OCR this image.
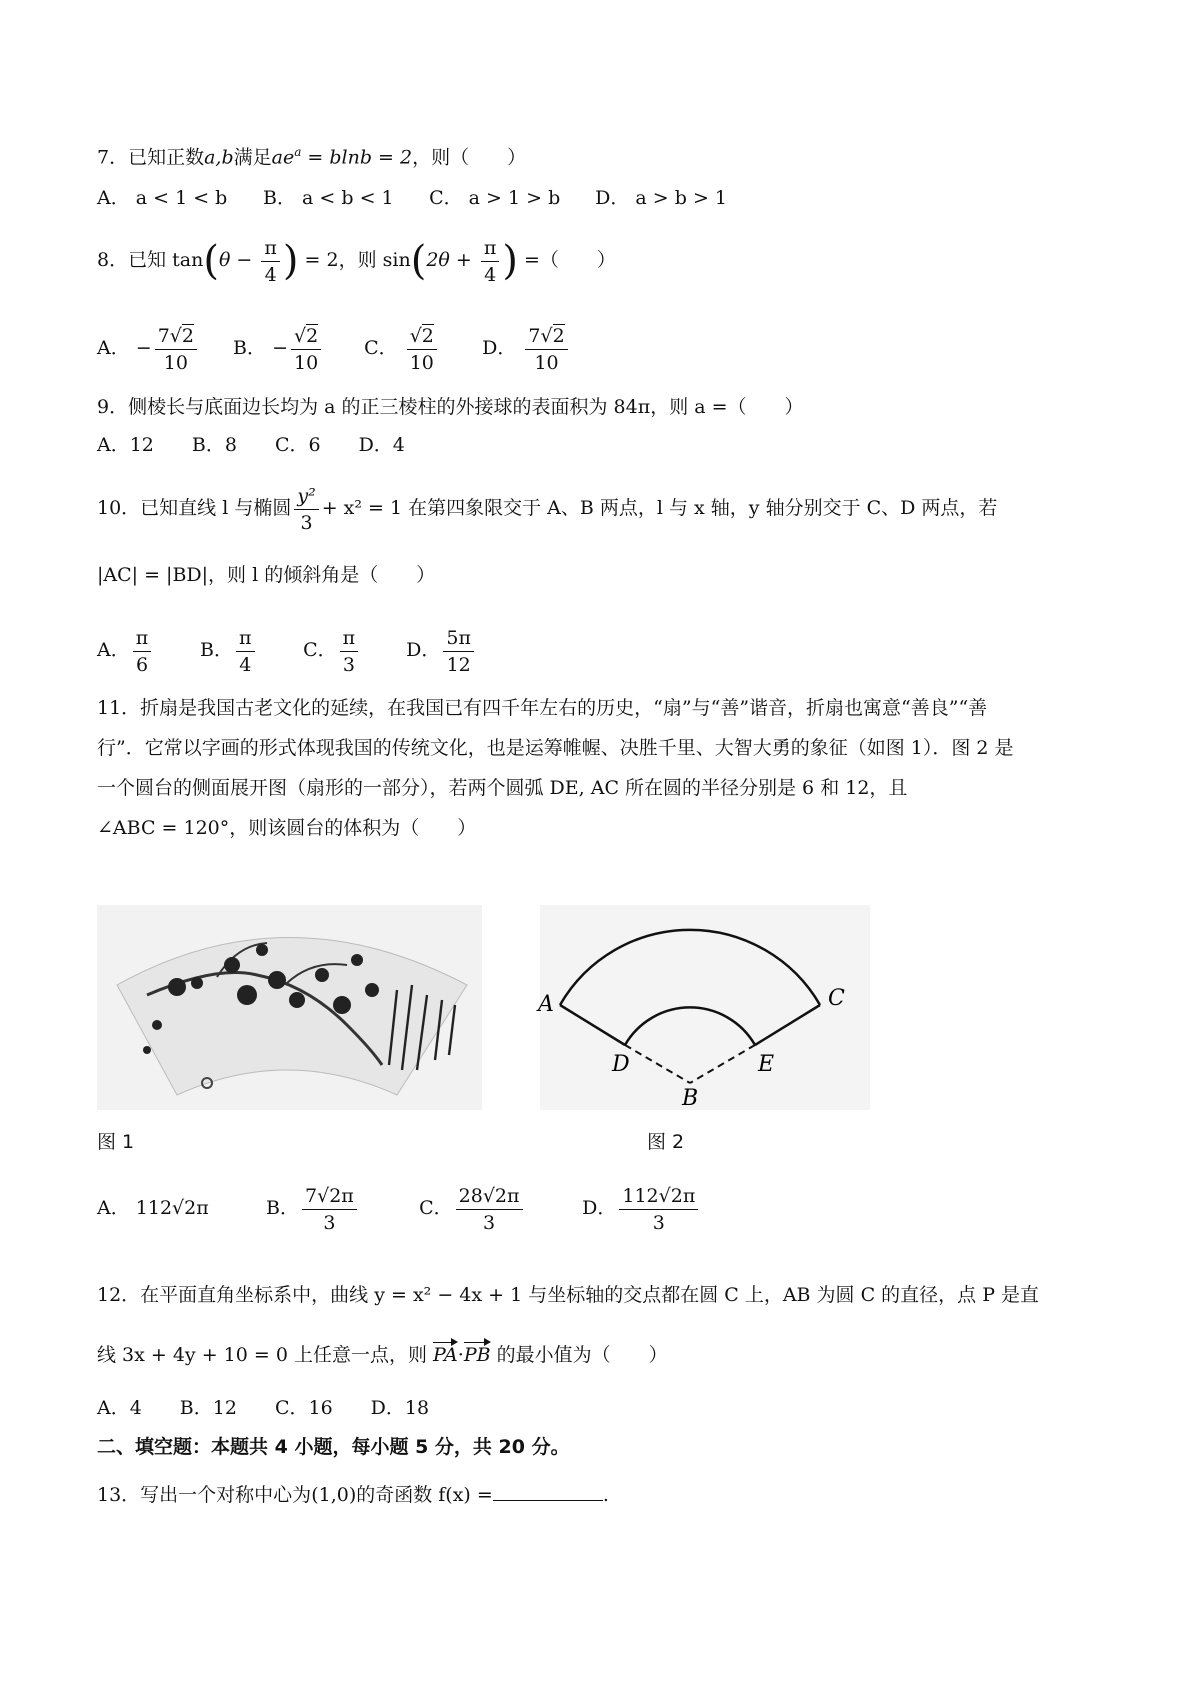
7．已知正数a,b满足$ae^a = blnb = 2$，则（　　）
A． a < 1 < b B． a < b < 1 C． a > 1 > b D． a > b > 1
8．已知 $\tan(\theta - \frac{\pi}{4}$ ) = 2，则 $\sin(2\theta + \frac{\pi}{4}$ ) =（　　）
A． − $\frac{7√2}{10}$ B． − $\frac{√2}{10}$ C． $\frac{√2}{10}$ D． $\frac{7√2}{10}$
9．侧棱长与底面边长均为 a 的正三棱柱的外接球的表面积为 84π，则 a =（　　）
A．12　　B．8　　C．6　　D．4
10．已知直线 l 与椭圆 $\frac{\text{y²}}{3} + x^2 = 1$ 在第四象限交于 A、B 两点，l 与 x 轴，y 轴分别交于 C、D 两点，若
|AC| = |BD|，则 l 的倾斜角是（　　）
A． $\frac{\pi}{6}$	B． $\frac{\pi}{4}$	C． $\frac{\pi}{3}$	D． $\frac{5\pi}{12}$
11．折扇是我国古老文化的延续，在我国已有四千年左右的历史，“扇”与“善”谐音，折扇也寓意“善良”“善
行”．它常以字画的形式体现我国的传统文化，也是运筹帷幄、决胜千里、大智大勇的象征（如图 1）．图 2 是
一个圆台的侧面展开图（扇形的一部分），若两个圆弧 DE, AC 所在圆的半径分别是 6 和 12，且
∠ABC = 120°，则该圆台的体积为（　　）
A	C
D	E
B
图 1	图 2
A． 112√2π	B． $\frac{7√2\pi}{3}$	C． $\frac{28√2\pi}{3}$	D． $\frac{112√2\pi}{3}$
12．在平面直角坐标系中，曲线 y = x² − 4x + 1 与坐标轴的交点都在圆 C 上，AB 为圆 C 的直径，点 P 是直
线 3x + 4y + 10 = 0 上任意一点，则 PA·PB 的最小值为（　　）
A．4　　B．12　　C．16　　D．18
二、填空题：本题共 4 小题，每小题 5 分，共 20 分。
13．写出一个对称中心为(1,0)的奇函数 f(x) =	.
